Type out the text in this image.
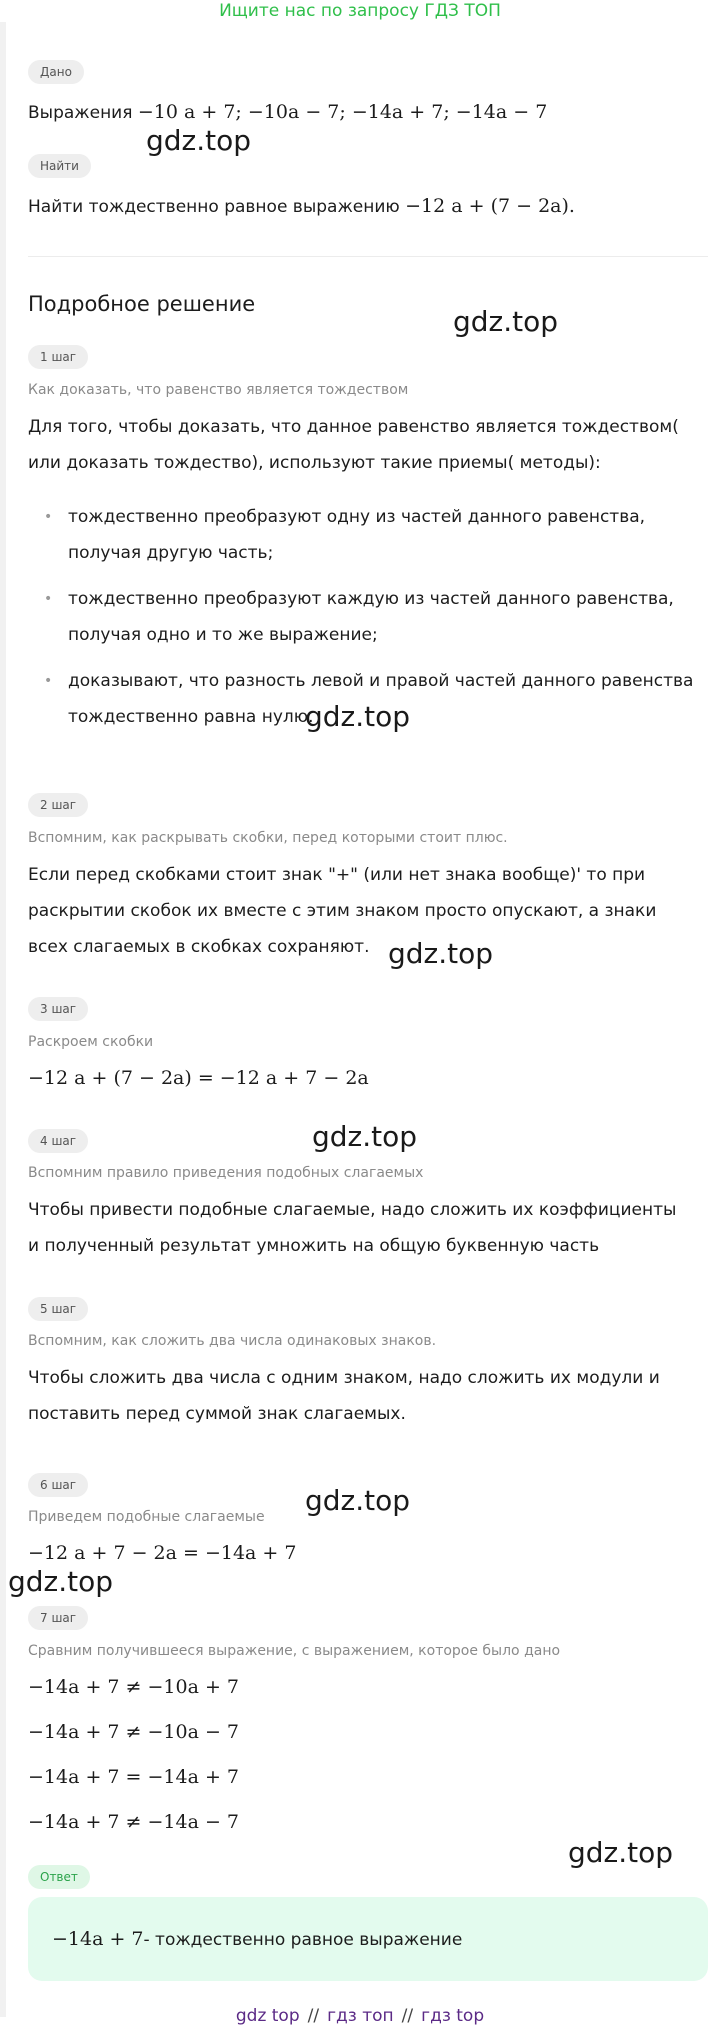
Ищите нас по запросу ГДЗ ТОП
Дано
Выражения −10 a + 7; −10a − 7; −14a + 7; −14a − 7
Найти
Найти тождественно равное выражению −12 a + (7 − 2a).
Подробное решение
1 шаг
Как доказать, что равенство является тождеством
Для того, чтобы доказать, что данное равенство является тождеством( или доказать тождество), используют такие приемы( методы):
• тождественно преобразуют одну из частей данного равенства, получая другую часть;
• тождественно преобразуют каждую из частей данного равенства, получая одно и то же выражение;
• доказывают, что разность левой и правой частей данного равенства тождественно равна нулю.
2 шаг
Вспомним, как раскрывать скобки, перед которыми стоит плюс.
Если перед скобками стоит знак "+" (или нет знака вообще)' то при раскрытии скобок их вместе с этим знаком просто опускают, а знаки всех слагаемых в скобках сохраняют.
3 шаг
Раскроем скобки
−12 a + (7 − 2a) = −12 a + 7 − 2a
4 шаг
Вспомним правило приведения подобных слагаемых
Чтобы привести подобные слагаемые, надо сложить их коэффициенты и полученный результат умножить на общую буквенную часть
5 шаг
Вспомним, как сложить два числа одинаковых знаков.
Чтобы сложить два числа с одним знаком, надо сложить их модули и поставить перед суммой знак слагаемых.
6 шаг
Приведем подобные слагаемые
−12 a + 7 − 2a = −14a + 7
7 шаг
Сравним получившееся выражение, с выражением, которое было дано
−14a + 7 ≠ −10a + 7
−14a + 7 ≠ −10a − 7
−14a + 7 = −14a + 7
−14a + 7 ≠ −14a − 7
Ответ
−14a + 7- тождественно равное выражение
gdz.top
gdz.top
gdz.top
gdz.top
gdz.top
gdz.top
gdz.top
gdz.top
gdz top // гдз топ // гдз top
